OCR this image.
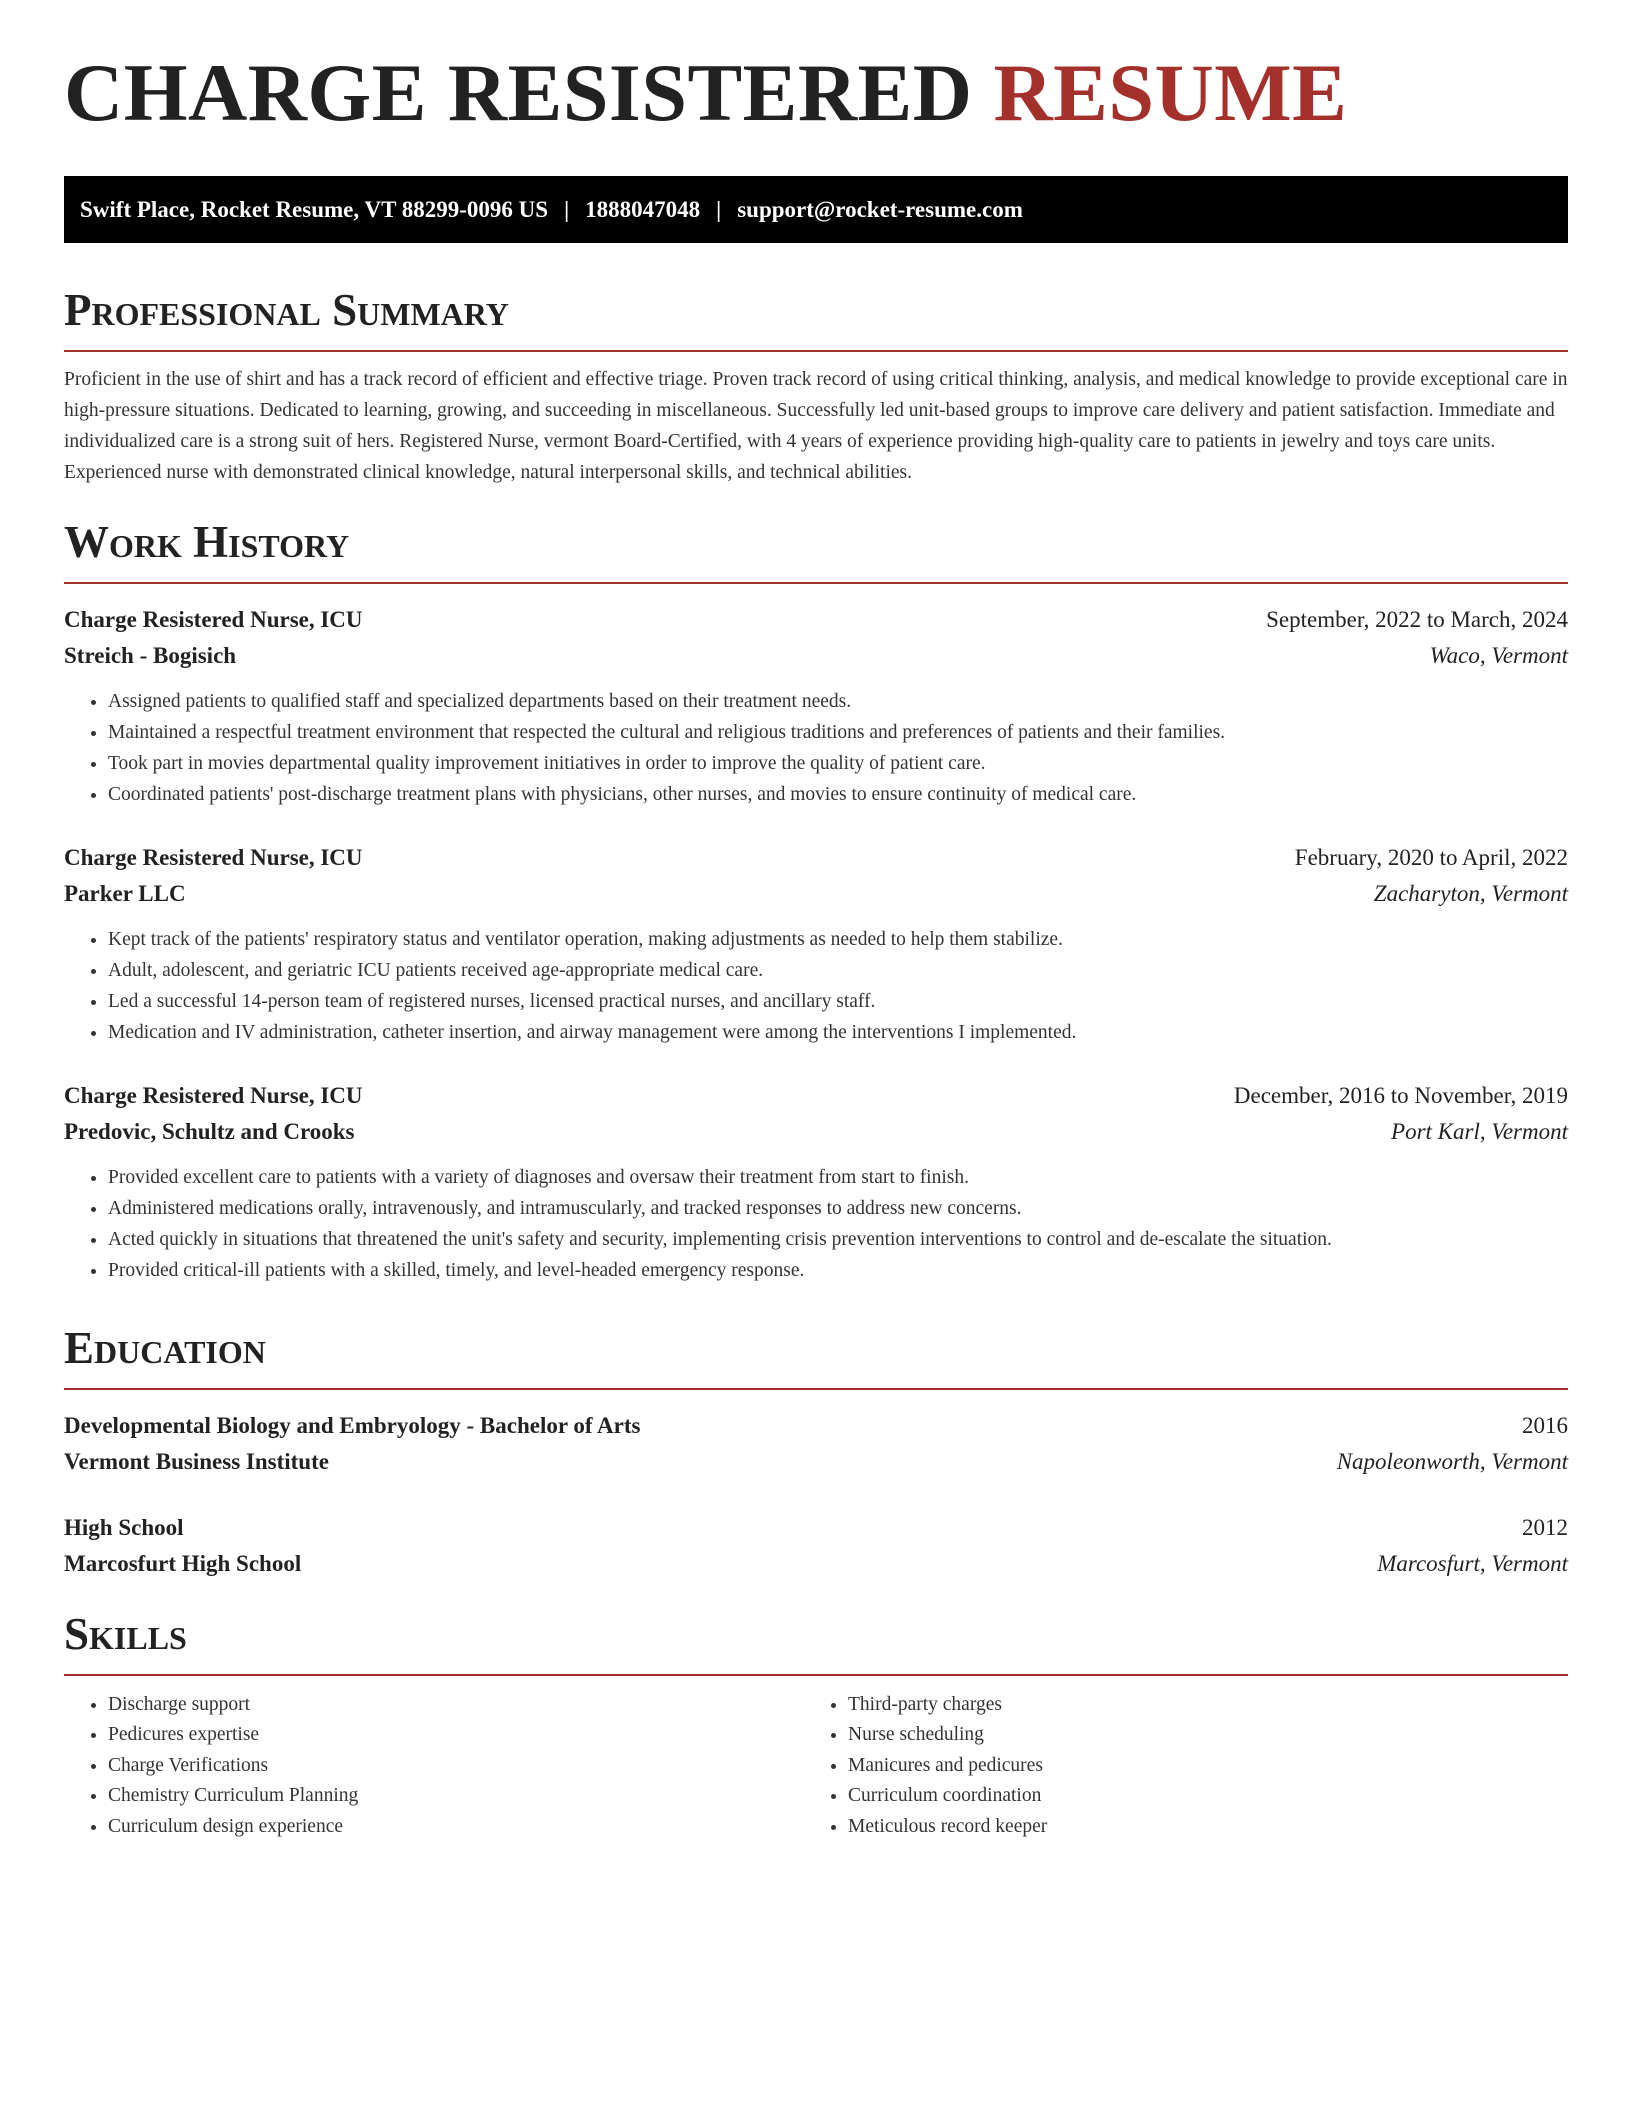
CHARGE RESISTERED RESUME
Swift Place, Rocket Resume, VT 88299-0096 US | 1888047048 | support@rocket-resume.com
Professional Summary

Proficient in the use of shirt and has a track record of efficient and effective triage. Proven track record of using critical thinking, analysis, and medical knowledge to provide exceptional care in high-pressure situations. Dedicated to learning, growing, and succeeding in miscellaneous. Successfully led unit-based groups to improve care delivery and patient satisfaction. Immediate and individualized care is a strong suit of hers. Registered Nurse, vermont Board-Certified, with 4 years of experience providing high-quality care to patients in jewelry and toys care units. Experienced nurse with demonstrated clinical knowledge, natural interpersonal skills, and technical abilities.

Work History
Charge Resistered Nurse, ICU	September, 2022 to March, 2024
Streich - Bogisich	Waco, Vermont
• Assigned patients to qualified staff and specialized departments based on their treatment needs.
• Maintained a respectful treatment environment that respected the cultural and religious traditions and preferences of patients and their families.
• Took part in movies departmental quality improvement initiatives in order to improve the quality of patient care.
• Coordinated patients' post-discharge treatment plans with physicians, other nurses, and movies to ensure continuity of medical care.
Charge Resistered Nurse, ICU	February, 2020 to April, 2022
Parker LLC	Zacharyton, Vermont
• Kept track of the patients' respiratory status and ventilator operation, making adjustments as needed to help them stabilize.
• Adult, adolescent, and geriatric ICU patients received age-appropriate medical care.
• Led a successful 14-person team of registered nurses, licensed practical nurses, and ancillary staff.
• Medication and IV administration, catheter insertion, and airway management were among the interventions I implemented.
Charge Resistered Nurse, ICU	December, 2016 to November, 2019
Predovic, Schultz and Crooks	Port Karl, Vermont
• Provided excellent care to patients with a variety of diagnoses and oversaw their treatment from start to finish.
• Administered medications orally, intravenously, and intramuscularly, and tracked responses to address new concerns.
• Acted quickly in situations that threatened the unit's safety and security, implementing crisis prevention interventions to control and de-escalate the situation.
• Provided critical-ill patients with a skilled, timely, and level-headed emergency response.
Education
Developmental Biology and Embryology - Bachelor of Arts	2016
Vermont Business Institute	Napoleonworth, Vermont
High School	2012
Marcosfurt High School	Marcosfurt, Vermont
Skills
• Discharge support
• Pedicures expertise
• Charge Verifications
• Chemistry Curriculum Planning
• Curriculum design experience
• Third-party charges
• Nurse scheduling
• Manicures and pedicures
• Curriculum coordination
• Meticulous record keeper
